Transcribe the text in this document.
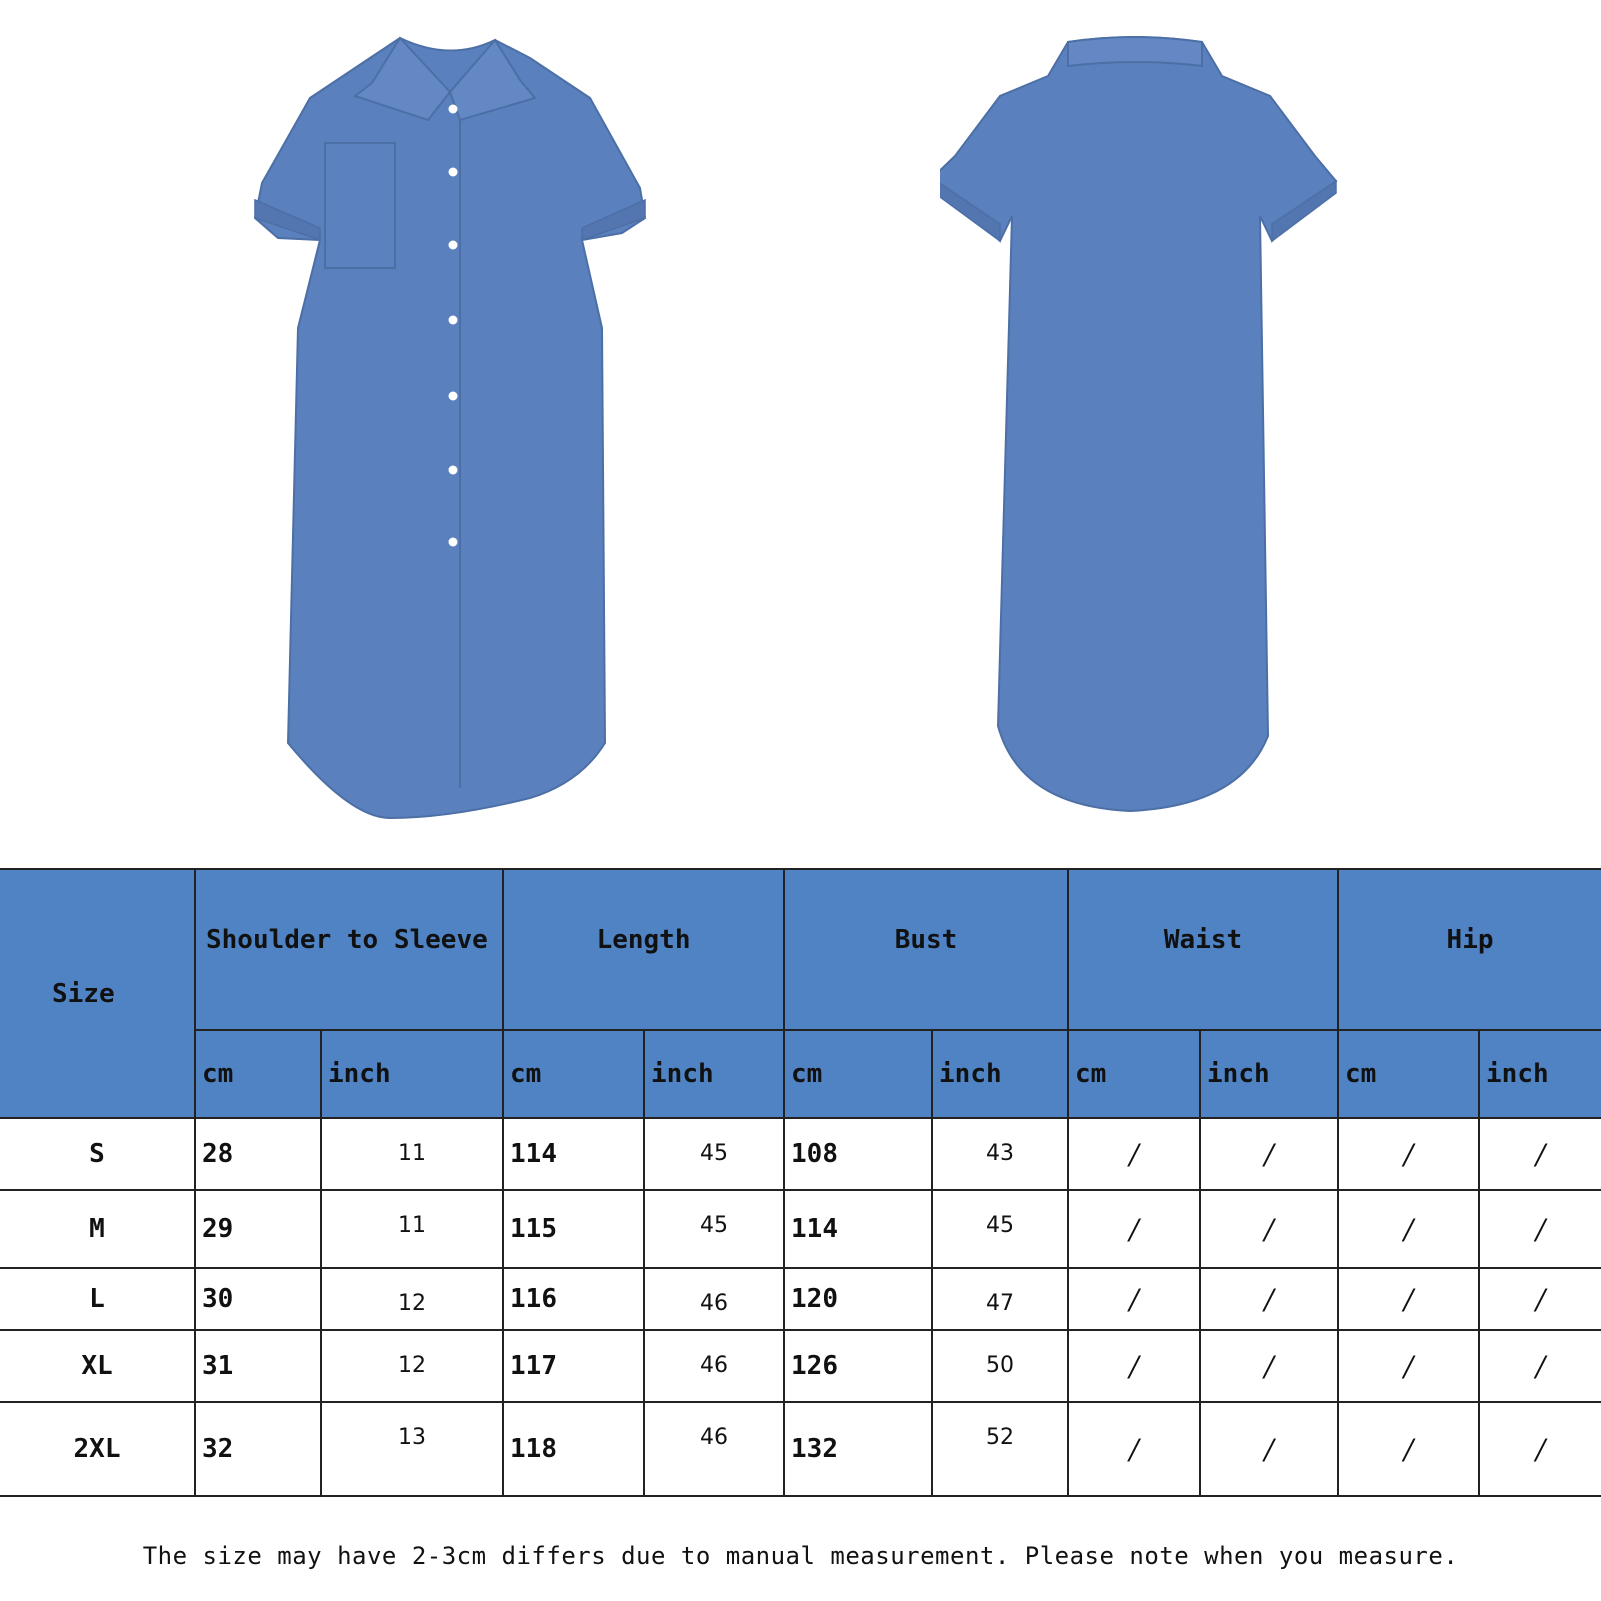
Size	Shoulder to Sleeve		Length		Bust		Waist		Hip	
	cm	inch	cm	inch	cm	inch	cm	inch	cm	inch
S	28	11	114	45	108	43	/	/	/	/
M	29	11	115	45	114	45	/	/	/	/
L	30	12	116	46	120	47	/	/	/	/
XL	31	12	117	46	126	50	/	/	/	/
2XL	32	13	118	46	132	52	/	/	/	/
The size may have 2-3cm differs due to manual measurement. Please note when you measure.
